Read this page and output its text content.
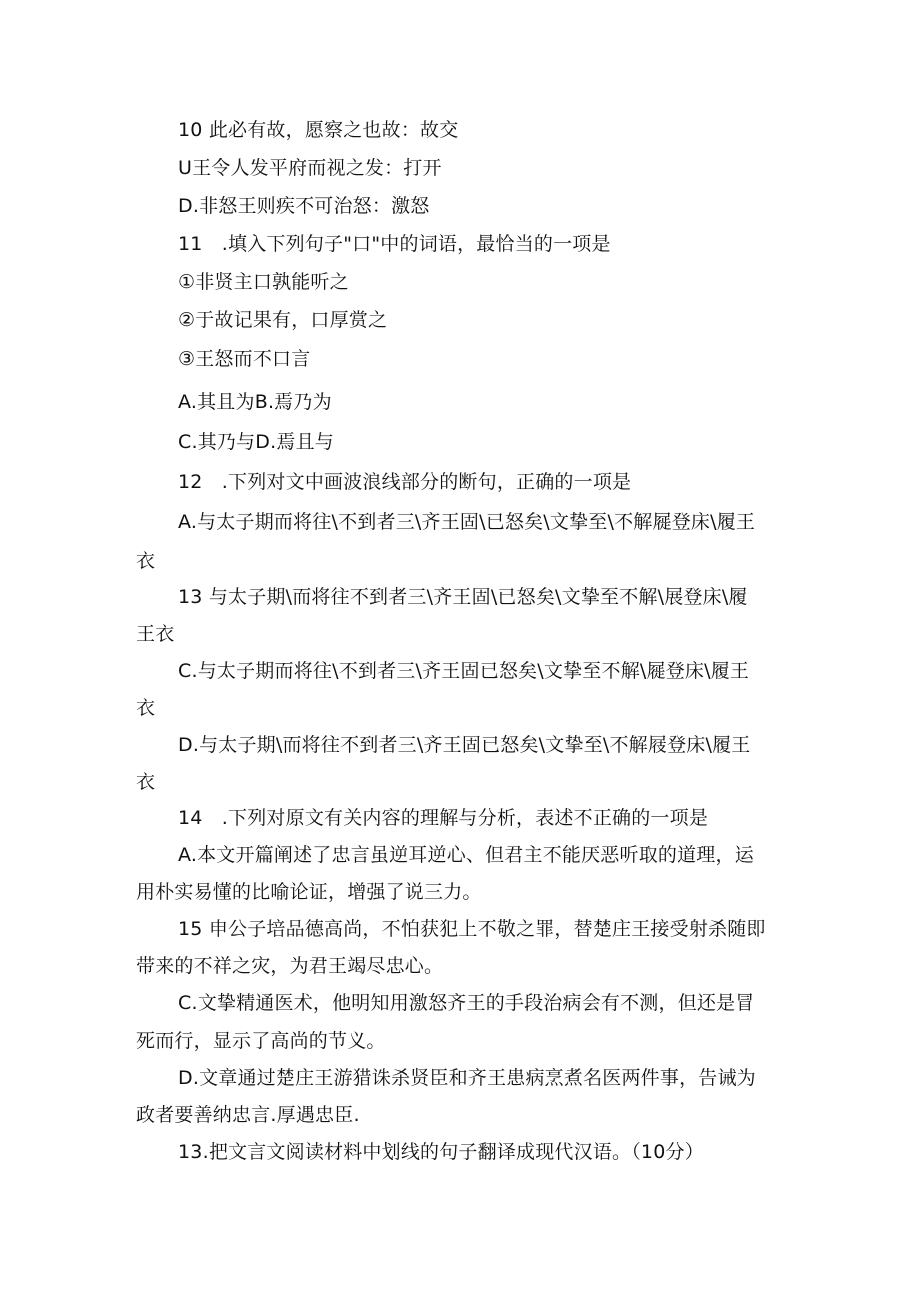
10 此必有故，愿察之也故：故交
U王令人发平府而视之发：打开
D.非怒王则疾不可治怒：激怒
11　.填入下列句子"口"中的词语，最恰当的一项是
①非贤主口孰能听之
②于故记果有，口厚赏之
③王怒而不口言
A.其且为B.焉乃为
C.其乃与D.焉且与
12　.下列对文中画波浪线部分的断句，正确的一项是
A.与太子期而将往\不到者三\齐王固\已怒矣\文挚至\不解屣登床\履王
衣
13 与太子期\而将往不到者三\齐王固\已怒矣\文挚至不解\展登床\履
王衣
C.与太子期而将往\不到者三\齐王固已怒矣\文挚至不解\屣登床\履王
衣
D.与太子期\而将往不到者三\齐王固已怒矣\文挚至\不解屐登床\履王
衣
14　.下列对原文有关内容的理解与分析，表述不正确的一项是
A.本文开篇阐述了忠言虽逆耳逆心、但君主不能厌恶听取的道理，运
用朴实易懂的比喻论证，增强了说三力。
15 申公子培品德高尚，不怕获犯上不敬之罪，替楚庄王接受射杀随即
带来的不祥之灾，为君王竭尽忠心。
C.文挚精通医术，他明知用激怒齐王的手段治病会有不测，但还是冒
死而行，显示了高尚的节义。
D.文章通过楚庄王游猎诛杀贤臣和齐王患病烹煮名医两件事，告诫为
政者要善纳忠言.厚遇忠臣.
13.把文言文阅读材料中划线的句子翻译成现代汉语。（10分）
